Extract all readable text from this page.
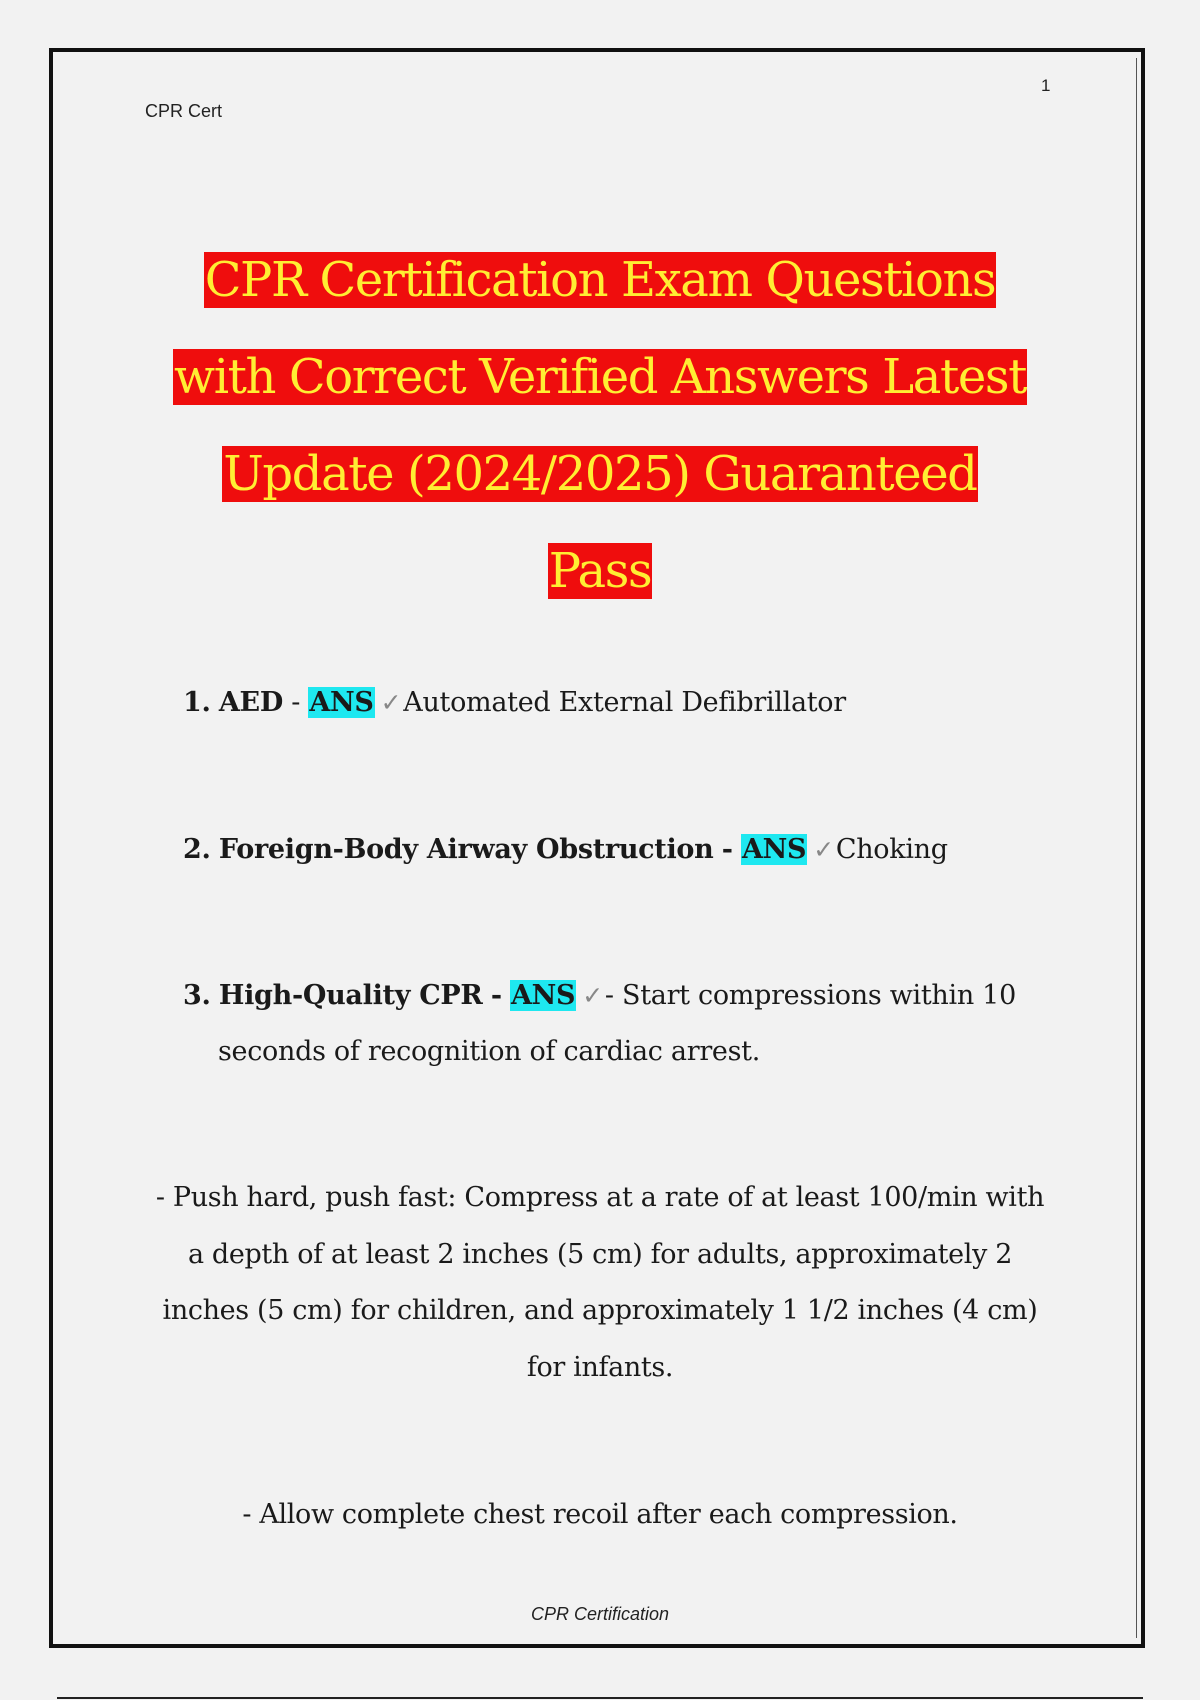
1
CPR Cert
CPR Certification Exam Questions
with Correct Verified Answers Latest
Update (2024/2025) Guaranteed
Pass
1. AED - ANS ✓Automated External Defibrillator
2. Foreign-Body Airway Obstruction - ANS ✓Choking
3. High-Quality CPR - ANS ✓- Start compressions within 10
seconds of recognition of cardiac arrest.
- Push hard, push fast: Compress at a rate of at least 100/min with
a depth of at least 2 inches (5 cm) for adults, approximately 2
inches (5 cm) for children, and approximately 1 1/2 inches (4 cm)
for infants.
- Allow complete chest recoil after each compression.
CPR Certification
